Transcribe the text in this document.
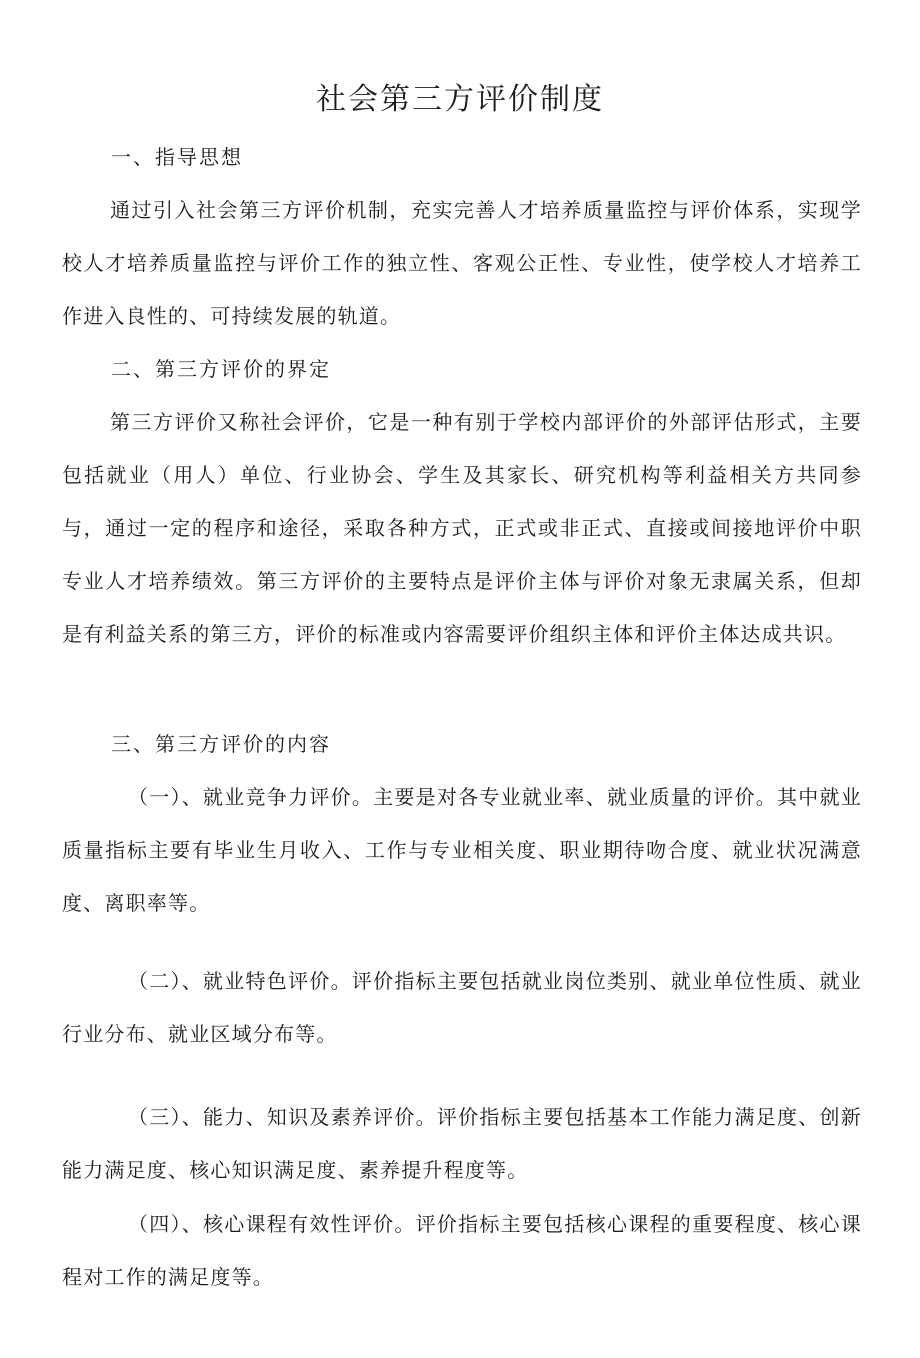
社会第三方评价制度
一、指导思想
通过引入社会第三方评价机制，充实完善人才培养质量监控与评价体系，实现学校人才培养质量监控与评价工作的独立性、客观公正性、专业性，使学校人才培养工作进入良性的、可持续发展的轨道。
二、第三方评价的界定
第三方评价又称社会评价，它是一种有别于学校内部评价的外部评估形式，主要包括就业（用人）单位、行业协会、学生及其家长、研究机构等利益相关方共同参与，通过一定的程序和途径，采取各种方式，正式或非正式、直接或间接地评价中职专业人才培养绩效。第三方评价的主要特点是评价主体与评价对象无隶属关系，但却是有利益关系的第三方，评价的标准或内容需要评价组织主体和评价主体达成共识。
三、第三方评价的内容
（一）、就业竞争力评价。主要是对各专业就业率、就业质量的评价。其中就业质量指标主要有毕业生月收入、工作与专业相关度、职业期待吻合度、就业状况满意度、离职率等。
（二）、就业特色评价。评价指标主要包括就业岗位类别、就业单位性质、就业行业分布、就业区域分布等。
（三）、能力、知识及素养评价。评价指标主要包括基本工作能力满足度、创新能力满足度、核心知识满足度、素养提升程度等。
（四）、核心课程有效性评价。评价指标主要包括核心课程的重要程度、核心课程对工作的满足度等。
